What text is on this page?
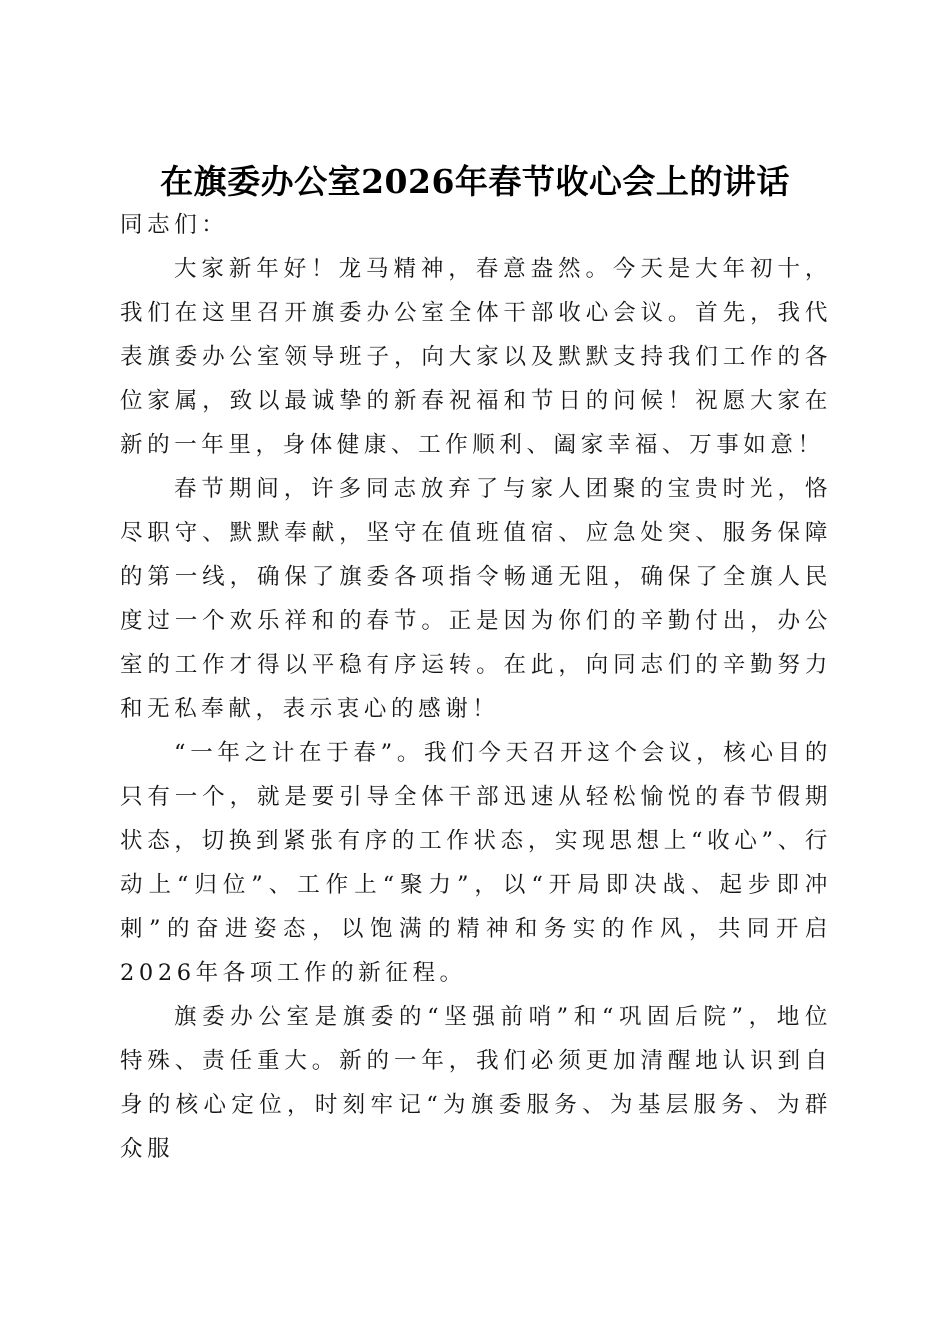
在旗委办公室2026年春节收心会上的讲话

同志们：

大家新年好！龙马精神，春意盎然。今天是大年初十，我们在这里召开旗委办公室全体干部收心会议。首先，我代表旗委办公室领导班子，向大家以及默默支持我们工作的各位家属，致以最诚挚的新春祝福和节日的问候！祝愿大家在新的一年里，身体健康、工作顺利、阖家幸福、万事如意！

春节期间，许多同志放弃了与家人团聚的宝贵时光，恪尽职守、默默奉献，坚守在值班值宿、应急处突、服务保障的第一线，确保了旗委各项指令畅通无阻，确保了全旗人民度过一个欢乐祥和的春节。正是因为你们的辛勤付出，办公室的工作才得以平稳有序运转。在此，向同志们的辛勤努力和无私奉献，表示衷心的感谢！

“一年之计在于春”。我们今天召开这个会议，核心目的只有一个，就是要引导全体干部迅速从轻松愉悦的春节假期状态，切换到紧张有序的工作状态，实现思想上“收心”、行动上“归位”、工作上“聚力”，以“开局即决战、起步即冲刺”的奋进姿态，以饱满的精神和务实的作风，共同开启2026年各项工作的新征程。

旗委办公室是旗委的“坚强前哨”和“巩固后院”，地位特殊、责任重大。新的一年，我们必须更加清醒地认识到自身的核心定位，时刻牢记“为旗委服务、为基层服务、为群众服
